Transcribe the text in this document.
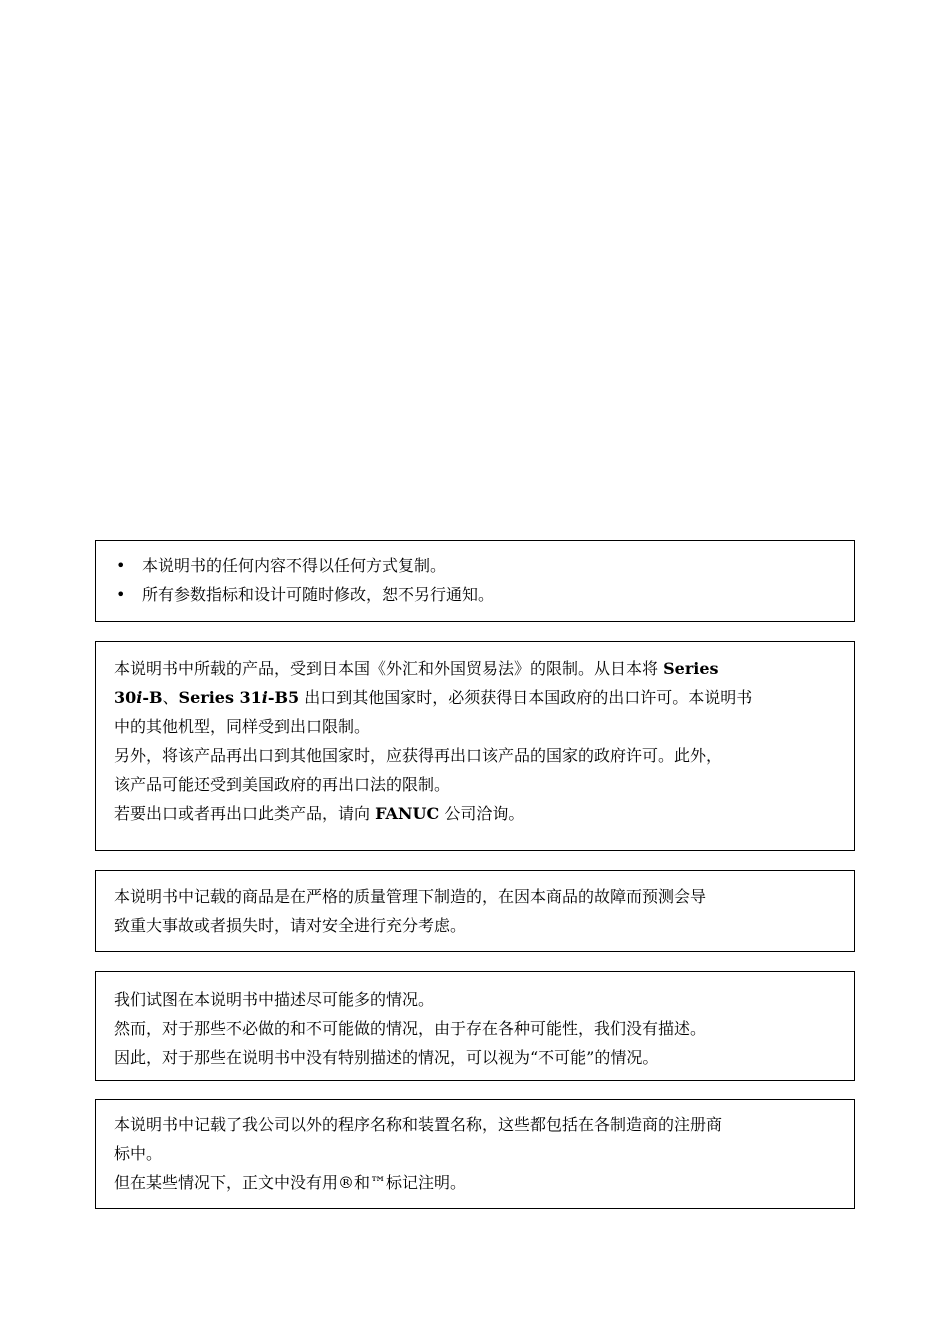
• 本说明书的任何内容不得以任何方式复制。
• 所有参数指标和设计可随时修改，恕不另行通知。
本说明书中所载的产品，受到日本国《外汇和外国贸易法》的限制。从日本将 Series
30i-B、Series 31i-B5 出口到其他国家时，必须获得日本国政府的出口许可。本说明书
中的其他机型，同样受到出口限制。
另外，将该产品再出口到其他国家时，应获得再出口该产品的国家的政府许可。此外，
该产品可能还受到美国政府的再出口法的限制。
若要出口或者再出口此类产品，请向 FANUC 公司洽询。
本说明书中记载的商品是在严格的质量管理下制造的，在因本商品的故障而预测会导
致重大事故或者损失时，请对安全进行充分考虑。
我们试图在本说明书中描述尽可能多的情况。
然而，对于那些不必做的和不可能做的情况，由于存在各种可能性，我们没有描述。
因此，对于那些在说明书中没有特别描述的情况，可以视为“不可能”的情况。
本说明书中记载了我公司以外的程序名称和装置名称，这些都包括在各制造商的注册商
标中。
但在某些情况下，正文中没有用®和™标记注明。
